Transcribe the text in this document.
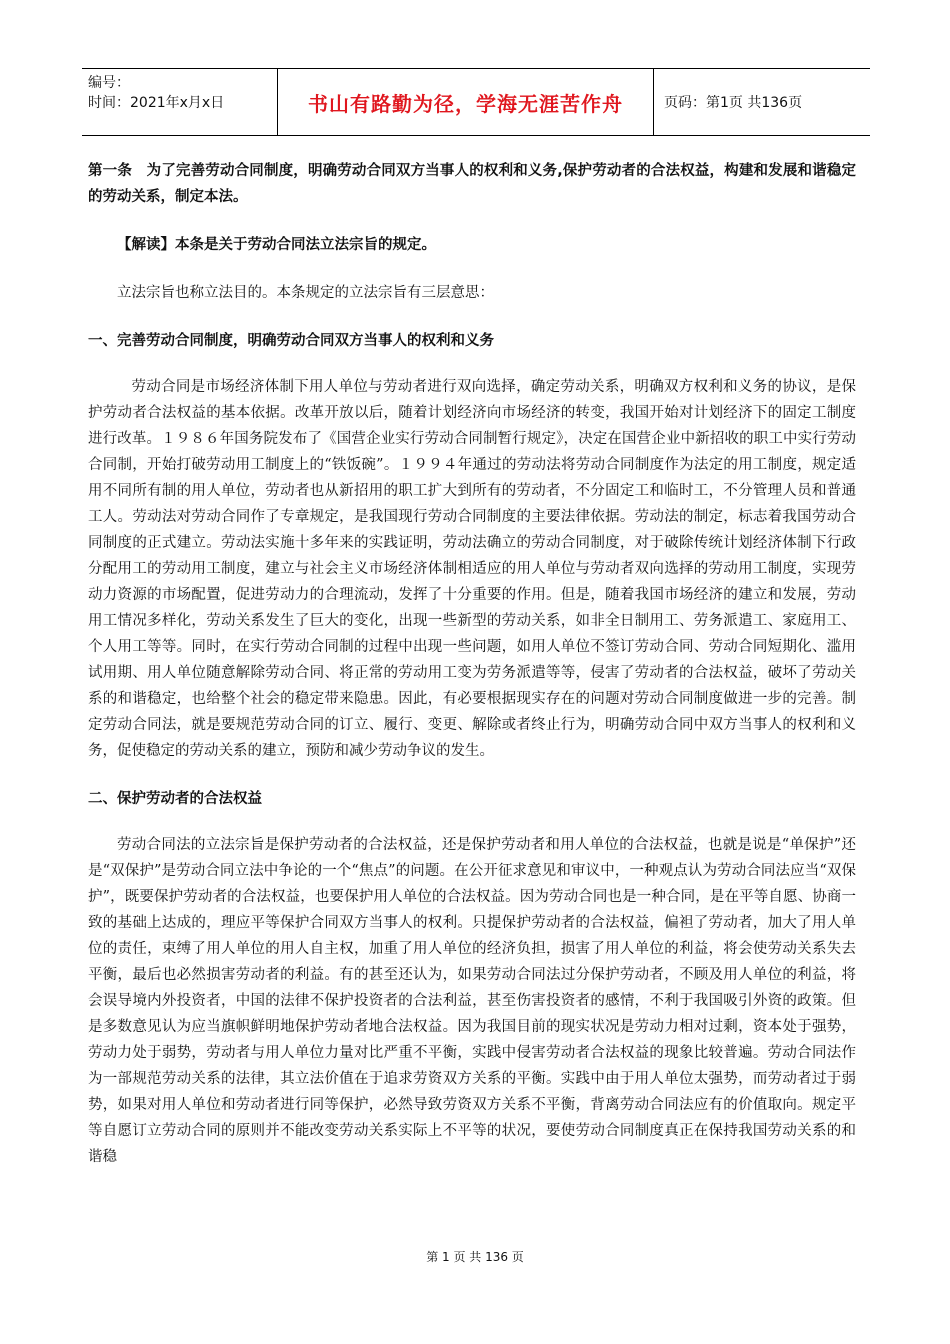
编号：
时间：2021年x月x日	书山有路勤为径，学海无涯苦作舟	页码：第1页 共136页

第一条　为了完善劳动合同制度，明确劳动合同双方当事人的权利和义务,保护劳动者的合法权益，构建和发展和谐稳定的劳动关系，制定本法。

【解读】本条是关于劳动合同法立法宗旨的规定。

立法宗旨也称立法目的。本条规定的立法宗旨有三层意思：

一、完善劳动合同制度，明确劳动合同双方当事人的权利和义务

劳动合同是市场经济体制下用人单位与劳动者进行双向选择，确定劳动关系，明确双方权利和义务的协议，是保护劳动者合法权益的基本依据。改革开放以后，随着计划经济向市场经济的转变，我国开始对计划经济下的固定工制度进行改革。１９８６年国务院发布了《国营企业实行劳动合同制暂行规定》，决定在国营企业中新招收的职工中实行劳动合同制，开始打破劳动用工制度上的“铁饭碗”。１９９４年通过的劳动法将劳动合同制度作为法定的用工制度，规定适用不同所有制的用人单位，劳动者也从新招用的职工扩大到所有的劳动者，不分固定工和临时工，不分管理人员和普通工人。劳动法对劳动合同作了专章规定，是我国现行劳动合同制度的主要法律依据。劳动法的制定，标志着我国劳动合同制度的正式建立。劳动法实施十多年来的实践证明，劳动法确立的劳动合同制度，对于破除传统计划经济体制下行政分配用工的劳动用工制度，建立与社会主义市场经济体制相适应的用人单位与劳动者双向选择的劳动用工制度，实现劳动力资源的市场配置，促进劳动力的合理流动，发挥了十分重要的作用。但是，随着我国市场经济的建立和发展，劳动用工情况多样化，劳动关系发生了巨大的变化，出现一些新型的劳动关系，如非全日制用工、劳务派遣工、家庭用工、个人用工等等。同时，在实行劳动合同制的过程中出现一些问题，如用人单位不签订劳动合同、劳动合同短期化、滥用试用期、用人单位随意解除劳动合同、将正常的劳动用工变为劳务派遣等等，侵害了劳动者的合法权益，破坏了劳动关系的和谐稳定，也给整个社会的稳定带来隐患。因此，有必要根据现实存在的问题对劳动合同制度做进一步的完善。制定劳动合同法，就是要规范劳动合同的订立、履行、变更、解除或者终止行为，明确劳动合同中双方当事人的权利和义务，促使稳定的劳动关系的建立，预防和减少劳动争议的发生。

二、保护劳动者的合法权益

劳动合同法的立法宗旨是保护劳动者的合法权益，还是保护劳动者和用人单位的合法权益，也就是说是“单保护”还是“双保护”是劳动合同立法中争论的一个“焦点”的问题。在公开征求意见和审议中，一种观点认为劳动合同法应当“双保护”，既要保护劳动者的合法权益，也要保护用人单位的合法权益。因为劳动合同也是一种合同，是在平等自愿、协商一致的基础上达成的，理应平等保护合同双方当事人的权利。只提保护劳动者的合法权益，偏袒了劳动者，加大了用人单位的责任，束缚了用人单位的用人自主权，加重了用人单位的经济负担，损害了用人单位的利益，将会使劳动关系失去平衡，最后也必然损害劳动者的利益。有的甚至还认为，如果劳动合同法过分保护劳动者，不顾及用人单位的利益，将会误导境内外投资者，中国的法律不保护投资者的合法利益，甚至伤害投资者的感情，不利于我国吸引外资的政策。但是多数意见认为应当旗帜鲜明地保护劳动者地合法权益。因为我国目前的现实状况是劳动力相对过剩，资本处于强势，劳动力处于弱势，劳动者与用人单位力量对比严重不平衡，实践中侵害劳动者合法权益的现象比较普遍。劳动合同法作为一部规范劳动关系的法律，其立法价值在于追求劳资双方关系的平衡。实践中由于用人单位太强势，而劳动者过于弱势，如果对用人单位和劳动者进行同等保护，必然导致劳资双方关系不平衡，背离劳动合同法应有的价值取向。规定平等自愿订立劳动合同的原则并不能改变劳动关系实际上不平等的状况，要使劳动合同制度真正在保持我国劳动关系的和谐稳

第 1 页 共 136 页
